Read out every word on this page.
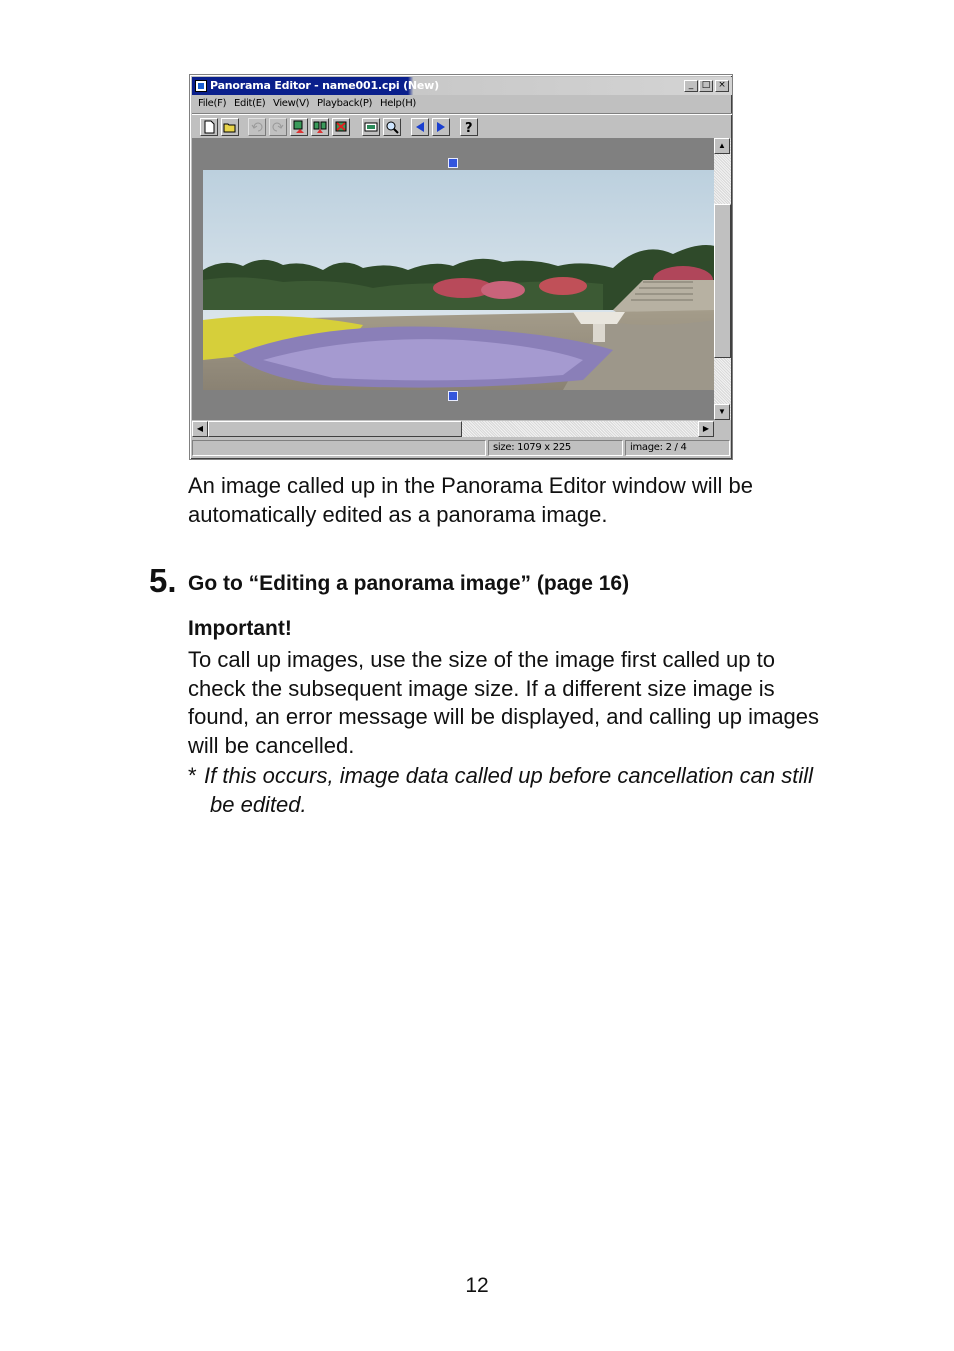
Panorama Editor - name001.cpi (New)	_ □ ×
File(F) Edit(E) View(V) Playback(P) Help(H)
?
▲
▼
◀	▶
size: 1079 x 225	image: 2 / 4
An image called up in the Panorama Editor window will be
automatically edited as a panorama image.
5. Go to “Editing a panorama image” (page 16)
Important!
To call up images, use the size of the image first called up to
check the subsequent image size. If a different size image is
found, an error message will be displayed, and calling up images
will be cancelled.
* If this occurs, image data called up before cancellation can still
be edited.
12
